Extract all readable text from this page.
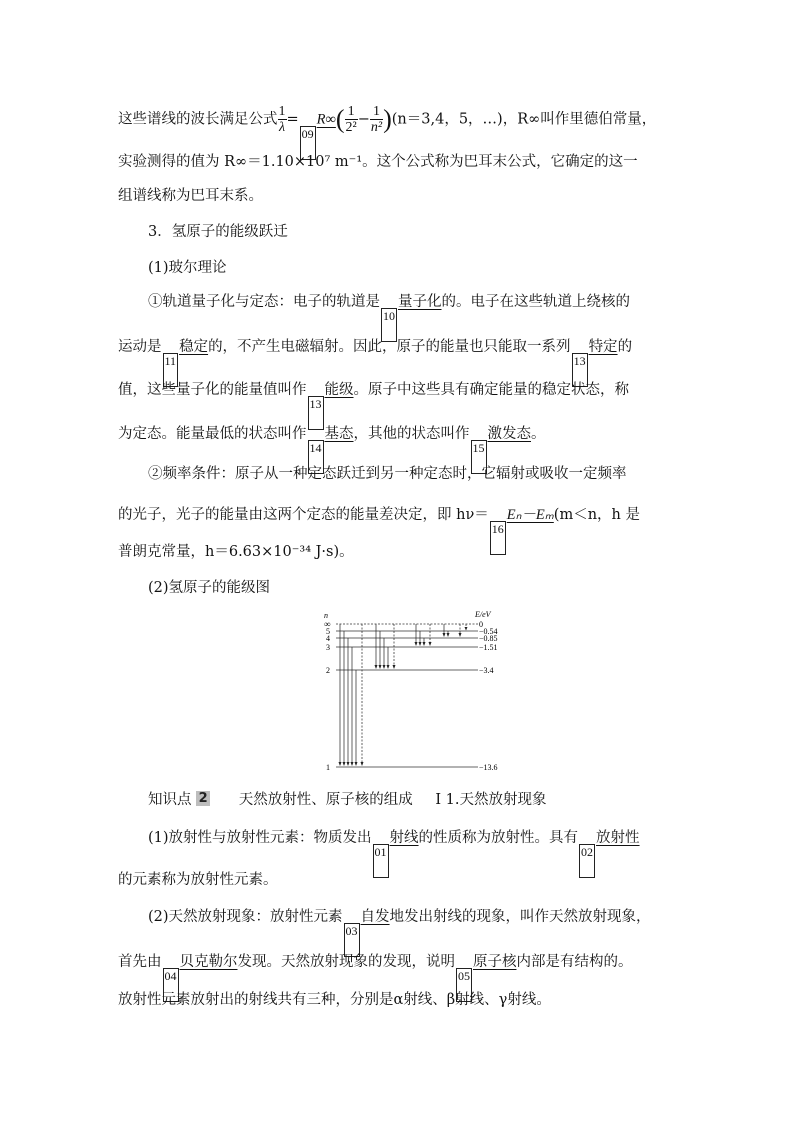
这些谱线的波长满足公式 $\frac{1}{\lambda} =09R\infty( \frac{1}{\text{2²}} - \frac{1}{\text{n²}} )(n=3,4$，5，…)，R∞叫作里德伯常量，
实验测得的值为 R∞＝1.10×10⁷ m⁻¹。这个公式称为巴耳末公式，它确定的这一
组谱线称为巴耳末系。
3．氢原子的能级跃迁
(1)玻尔理论
①轨道量子化与定态：电子的轨道是10量子化的。电子在这些轨道上绕核的
运动是11稳定的，不产生电磁辐射。因此，原子的能量也只能取一系列13特定的
值，这些量子化的能量值叫作13能级。原子中这些具有确定能量的稳定状态，称
为定态。能量最低的状态叫作14基态，其他的状态叫作15激发态。
②频率条件：原子从一种定态跃迁到另一种定态时，它辐射或吸收一定频率
的光子，光子的能量由这两个定态的能量差决定，即 hν＝16Eₙ－Eₘ(m＜n，h 是
普朗克常量，h＝6.63×10⁻³⁴ J·s)。
(2)氢原子的能级图
n	E/eV
∞	0
5	−0.54
4	−0.85
3	−1.51
2	−3.4
1	−13.6
知识点 2 天然放射性、原子核的组成 Ⅰ 1.天然放射现象
(1)放射性与放射性元素：物质发出01射线的性质称为放射性。具有02放射性
的元素称为放射性元素。
(2)天然放射现象：放射性元素03自发地发出射线的现象，叫作天然放射现象，
首先由04贝克勒尔发现。天然放射现象的发现，说明05原子核内部是有结构的。
放射性元素放射出的射线共有三种，分别是α射线、β射线、γ射线。
